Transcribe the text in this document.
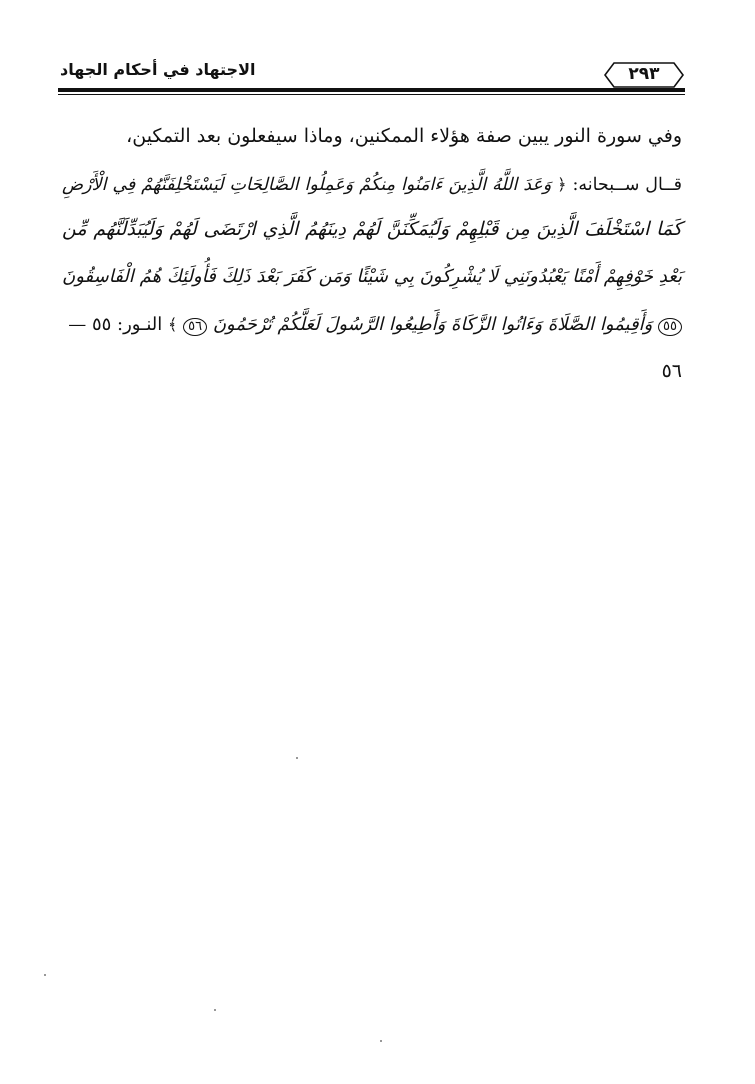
الاجتهاد في أحكام الجهاد	٢٩٣
وفي سورة النور يبين صفة هؤلاء الممكنين، وماذا سيفعلون بعد التمكين،
قــال ســبحانه: ﴿ وَعَدَ اللَّهُ الَّذِينَ ءَامَنُوا مِنكُمْ وَعَمِلُوا الصَّالِحَاتِ لَيَسْتَخْلِفَنَّهُمْ فِي الْأَرْضِ
كَمَا اسْتَخْلَفَ الَّذِينَ مِن قَبْلِهِمْ وَلَيُمَكِّنَنَّ لَهُمْ دِينَهُمُ الَّذِي ارْتَضَى لَهُمْ وَلَيُبَدِّلَنَّهُم مِّن
بَعْدِ خَوْفِهِمْ أَمْنًا يَعْبُدُونَنِي لَا يُشْرِكُونَ بِي شَيْئًا وَمَن كَفَرَ بَعْدَ ذَلِكَ فَأُولَئِكَ هُمُ الْفَاسِقُونَ
٥٥ وَأَقِيمُوا الصَّلَاةَ وَءَاتُوا الزَّكَاةَ وَأَطِيعُوا الرَّسُولَ لَعَلَّكُمْ تُرْحَمُونَ ٥٦ ﴾ النـور: ٥٥ —
٥٦
